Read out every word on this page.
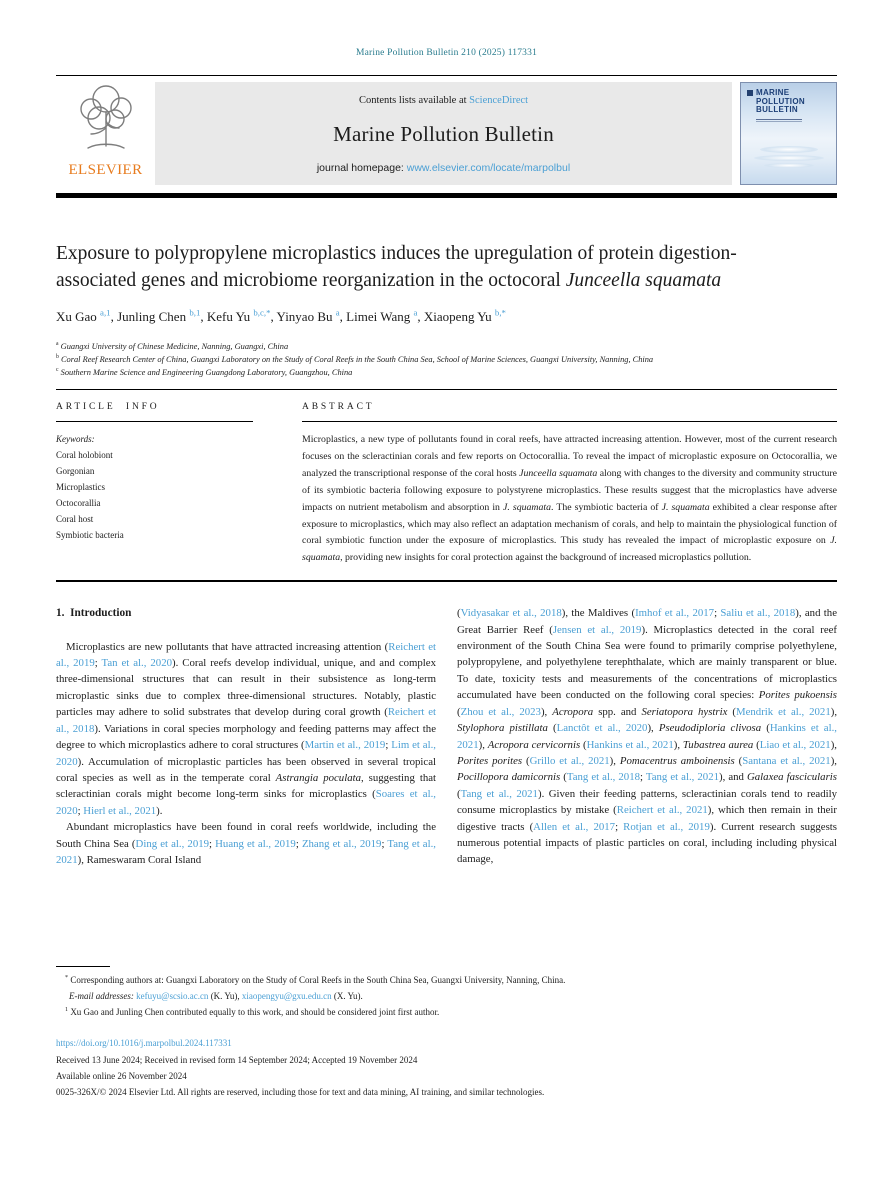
Marine Pollution Bulletin 210 (2025) 117331
ELSEVIER
Contents lists available at ScienceDirect
Marine Pollution Bulletin
journal homepage: www.elsevier.com/locate/marpolbul
MARINE POLLUTION BULLETIN
Exposure to polypropylene microplastics induces the upregulation of protein digestion-associated genes and microbiome reorganization in the octocoral Junceella squamata
Xu Gao $^{a,1}$, Junling Chen $^{b,1}$, Kefu Yu $^{b,c,*}$, Yinyao Bu $^a$, Limei Wang $^a$, Xiaopeng Yu $^{b,*}$
$^a$ Guangxi University of Chinese Medicine, Nanning, Guangxi, China
$^b$ Coral Reef Research Center of China, Guangxi Laboratory on the Study of Coral Reefs in the South China Sea, School of Marine Sciences, Guangxi University, Nanning, China
$^c$ Southern Marine Science and Engineering Guangdong Laboratory, Guangzhou, China
ARTICLE INFO
Keywords:
Coral holobiont
Gorgonian
Microplastics
Octocorallia
Coral host
Symbiotic bacteria
ABSTRACT

Microplastics, a new type of pollutants found in coral reefs, have attracted increasing attention. However, most of the current research focuses on the scleractinian corals and few reports on Octocorallia. To reveal the impact of microplastic exposure on Octocorallia, we analyzed the transcriptional response of the coral hosts Junceella squamata along with changes to the diversity and community structure of its symbiotic bacteria following exposure to polystyrene microplastics. These results suggest that the microplastics have adverse impacts on nutrient metabolism and absorption in J. squamata. The symbiotic bacteria of J. squamata exhibited a clear response after exposure to microplastics, which may also reflect an adaptation mechanism of corals, and help to maintain the physiological function of coral symbiotic function under the exposure of microplastics. This study has revealed the impact of microplastic exposure on J. squamata, providing new insights for coral protection against the background of increased microplastics pollution.

1.  Introduction

Microplastics are new pollutants that have attracted increasing attention (Reichert et al., 2019; Tan et al., 2020). Coral reefs develop individual, unique, and and complex three-dimensional structures that can result in their subsistence as long-term microplastic sinks due to complex three-dimensional structures. Notably, plastic particles may adhere to solid substrates that develop during coral growth (Reichert et al., 2018). Variations in coral species morphology and feeding patterns may affect the degree to which microplastics adhere to coral structures (Martin et al., 2019; Lim et al., 2020). Accumulation of microplastic particles has been observed in several tropical coral species as well as in the temperate coral Astrangia poculata, suggesting that scleractinian corals might become long-term sinks for microplastics (Soares et al., 2020; Hierl et al., 2021).

Abundant microplastics have been found in coral reefs worldwide, including the South China Sea (Ding et al., 2019; Huang et al., 2019; Zhang et al., 2019; Tang et al., 2021), Rameswaram Coral Island

(Vidyasakar et al., 2018), the Maldives (Imhof et al., 2017; Saliu et al., 2018), and the Great Barrier Reef (Jensen et al., 2019). Microplastics detected in the coral reef environment of the South China Sea were found to primarily comprise polyethylene, polypropylene, and polyethylene terephthalate, which are mainly transparent or blue. To date, toxicity tests and measurements of the concentrations of microplastics accumulated have been conducted on the following coral species: Porites pukoensis (Zhou et al., 2023), Acropora spp. and Seriatopora hystrix (Mendrik et al., 2021), Stylophora pistillata (Lanctôt et al., 2020), Pseudodiploria clivosa (Hankins et al., 2021), Acropora cervicornis (Hankins et al., 2021), Tubastrea aurea (Liao et al., 2021), Porites porites (Grillo et al., 2021), Pomacentrus amboinensis (Santana et al., 2021), Pocillopora damicornis (Tang et al., 2018; Tang et al., 2021), and Galaxea fascicularis (Tang et al., 2021). Given their feeding patterns, scleractinian corals tend to readily consume microplastics by mistake (Reichert et al., 2021), which then remain in their digestive tracts (Allen et al., 2017; Rotjan et al., 2019). Current research suggests numerous potential impacts of plastic particles on coral, including including physical damage,

* Corresponding authors at: Guangxi Laboratory on the Study of Coral Reefs in the South China Sea, Guangxi University, Nanning, China.
E-mail addresses: kefuyu@scsio.ac.cn (K. Yu), xiaopengyu@gxu.edu.cn (X. Yu).
$^1$ Xu Gao and Junling Chen contributed equally to this work, and should be considered joint first author.
https://doi.org/10.1016/j.marpolbul.2024.117331
Received 13 June 2024; Received in revised form 14 September 2024; Accepted 19 November 2024
Available online 26 November 2024
0025-326X/© 2024 Elsevier Ltd. All rights are reserved, including those for text and data mining, AI training, and similar technologies.
